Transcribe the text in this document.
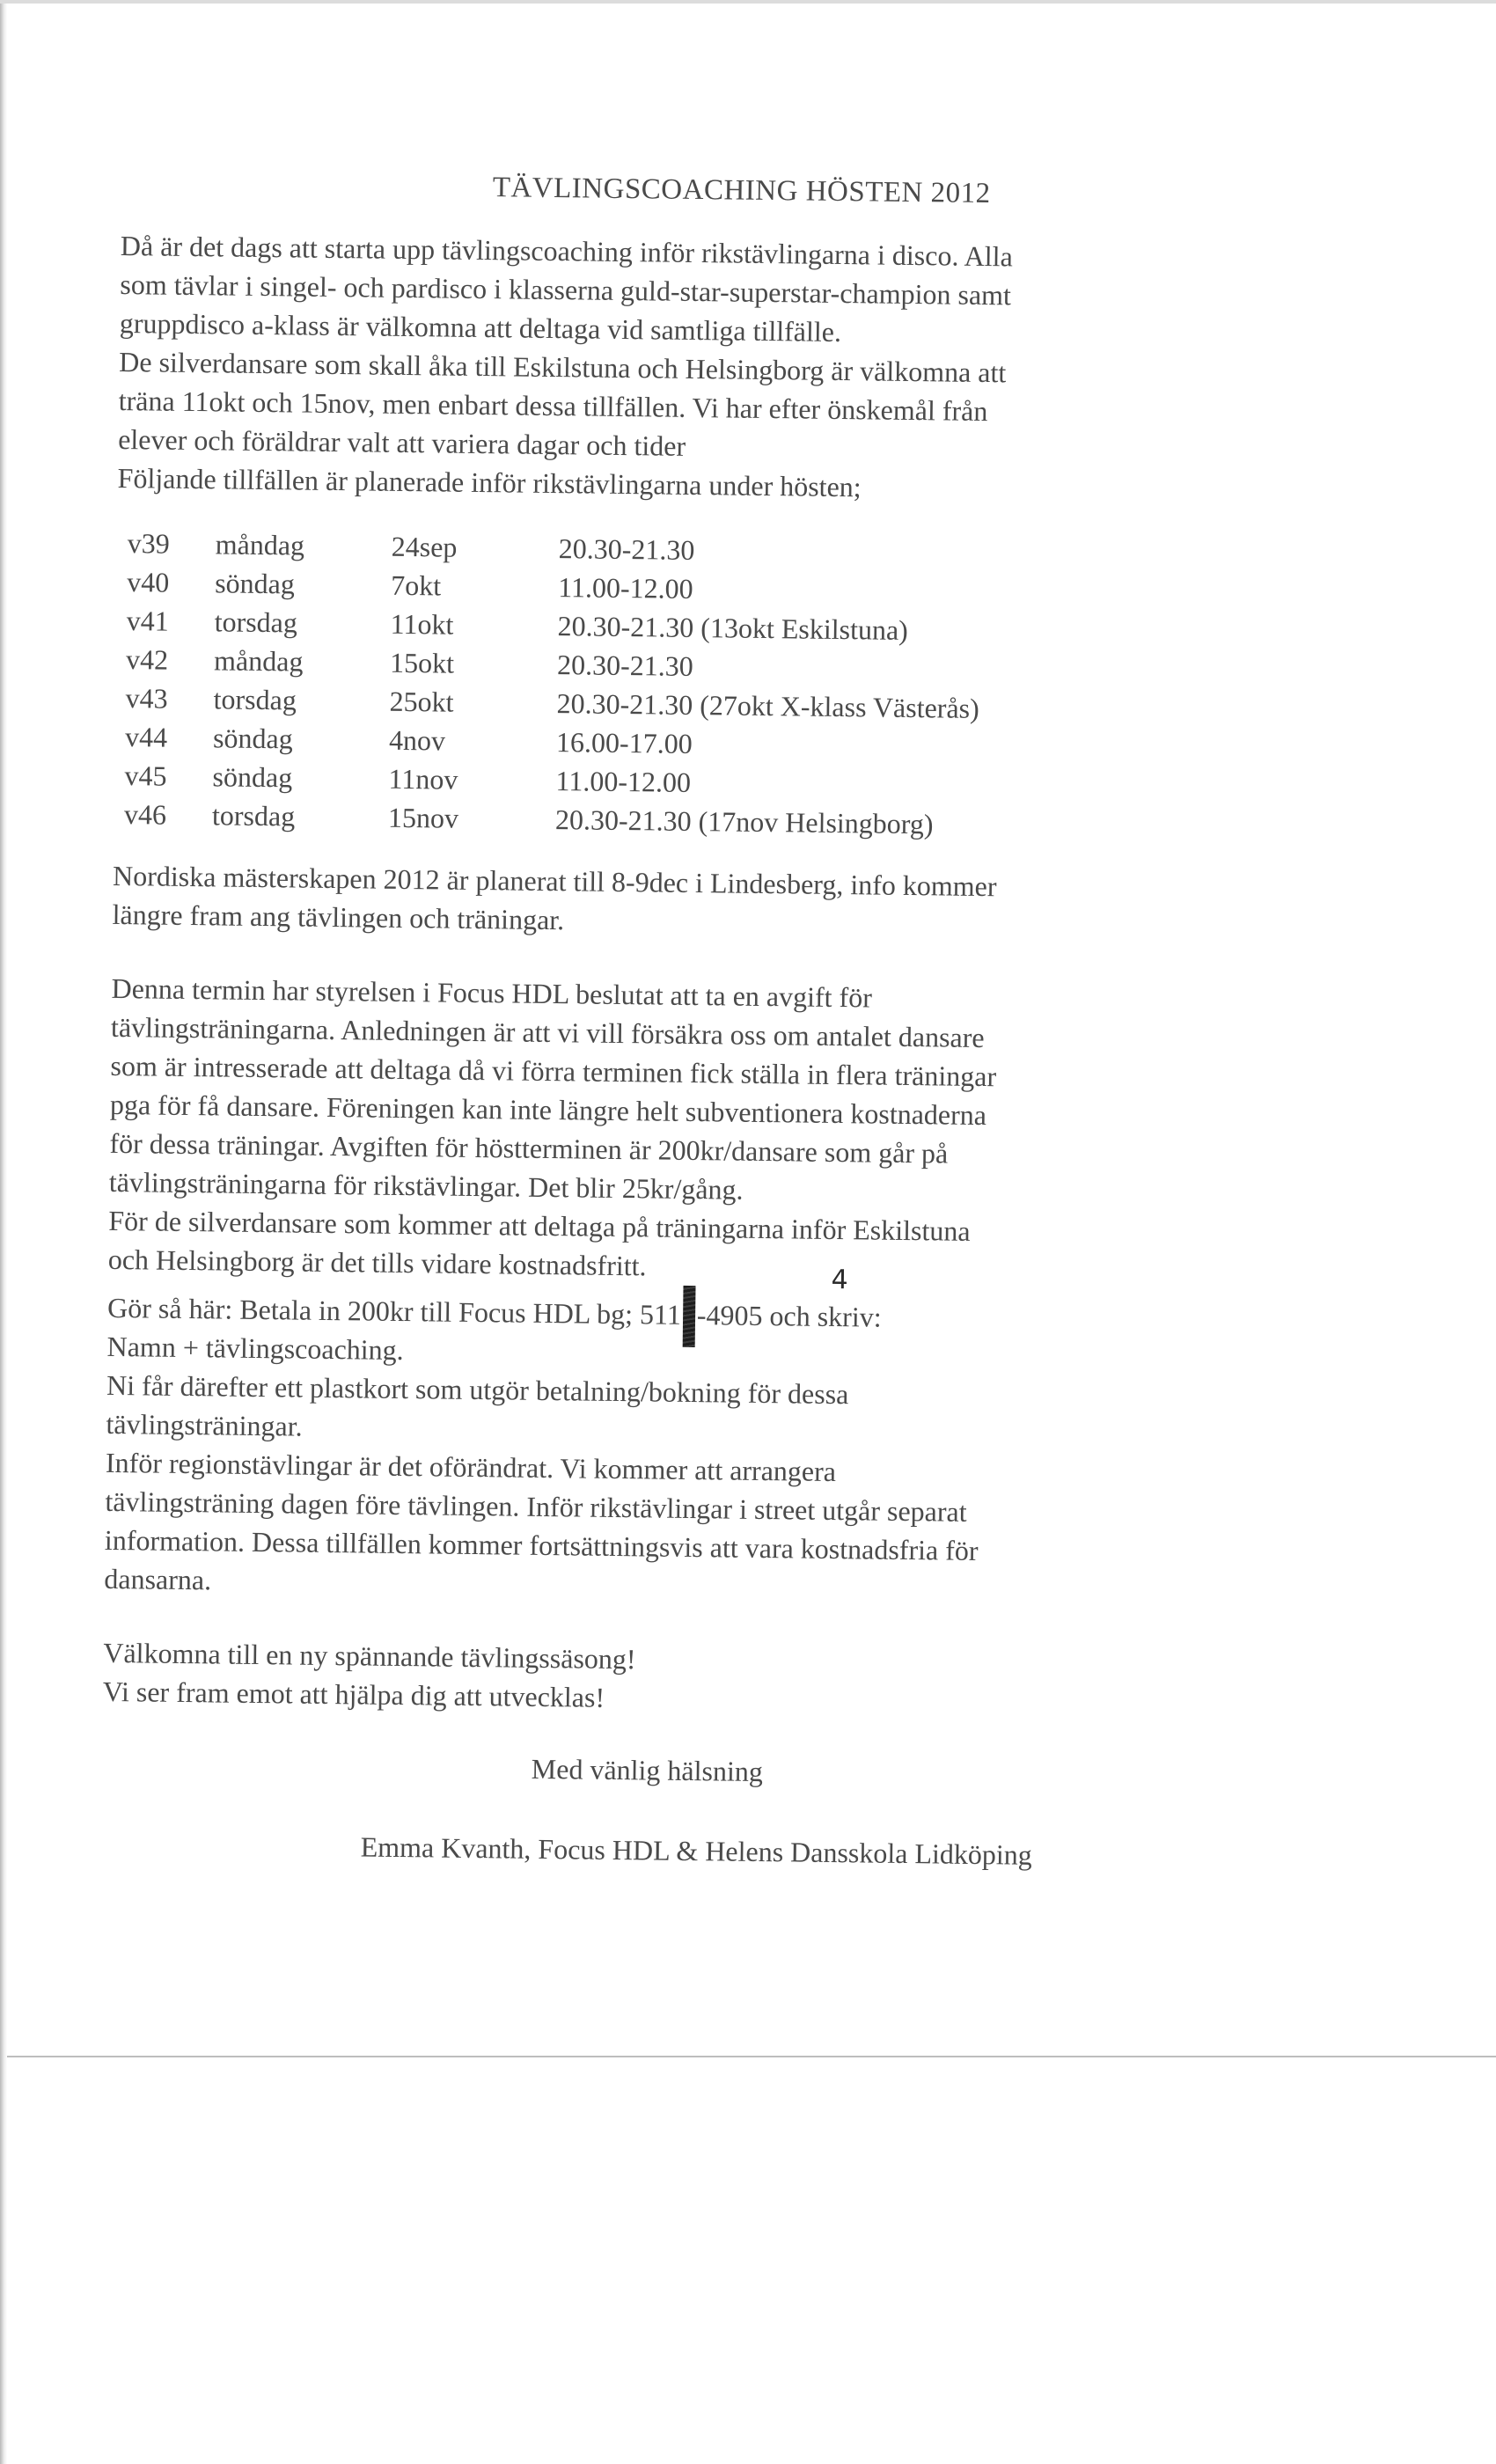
TÄVLINGSCOACHING HÖSTEN 2012

Då är det dags att starta upp tävlingscoaching inför rikstävlingarna i disco. Alla

som tävlar i singel- och pardisco i klasserna guld-star-superstar-champion samt

gruppdisco a-klass är välkomna att deltaga vid samtliga tillfälle.

De silverdansare som skall åka till Eskilstuna och Helsingborg är välkomna att

träna 11okt och 15nov, men enbart dessa tillfällen. Vi har efter önskemål från

elever och föräldrar valt att variera dagar och tider

Följande tillfällen är planerade inför rikstävlingarna under hösten;

v39	måndag	24sep	20.30-21.30
v40	söndag	7okt	11.00-12.00
v41	torsdag	11okt	20.30-21.30 (13okt Eskilstuna)
v42	måndag	15okt	20.30-21.30
v43	torsdag	25okt	20.30-21.30 (27okt X-klass Västerås)
v44	söndag	4nov	16.00-17.00
v45	söndag	11nov	11.00-12.00
v46	torsdag	15nov	20.30-21.30 (17nov Helsingborg)

Nordiska mästerskapen 2012 är planerat till 8-9dec i Lindesberg, info kommer

längre fram ang tävlingen och träningar.

Denna termin har styrelsen i Focus HDL beslutat att ta en avgift för

tävlingsträningarna. Anledningen är att vi vill försäkra oss om antalet dansare

som är intresserade att deltaga då vi förra terminen fick ställa in flera träningar

pga för få dansare. Föreningen kan inte längre helt subventionera kostnaderna

för dessa träningar. Avgiften för höstterminen är 200kr/dansare som går på

tävlingsträningarna för rikstävlingar. Det blir 25kr/gång.

För de silverdansare som kommer att deltaga på träningarna inför Eskilstuna

och Helsingborg är det tills vidare kostnadsfritt.

Gör så här: Betala in 200kr till Focus HDL bg; 511 -4905 och skriv:
4

Namn + tävlingscoaching.

Ni får därefter ett plastkort som utgör betalning/bokning för dessa

tävlingsträningar.

Inför regionstävlingar är det oförändrat. Vi kommer att arrangera

tävlingsträning dagen före tävlingen. Inför rikstävlingar i street utgår separat

information. Dessa tillfällen kommer fortsättningsvis att vara kostnadsfria för

dansarna.

Välkomna till en ny spännande tävlingssäsong!

Vi ser fram emot att hjälpa dig att utvecklas!

Med vänlig hälsning
Emma Kvanth, Focus HDL & Helens Dansskola Lidköping
